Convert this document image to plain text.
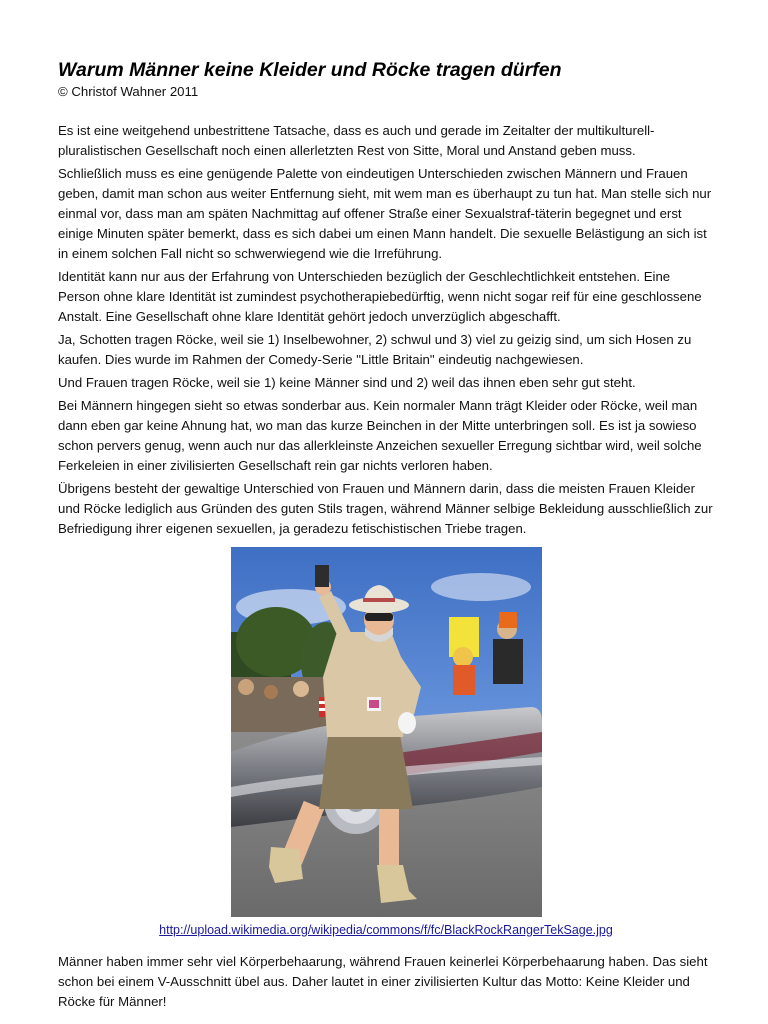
Warum Männer keine Kleider und Röcke tragen dürfen
© Christof Wahner 2011

Es ist eine weitgehend unbestrittene Tatsache, dass es auch und gerade im Zeitalter der multikulturell-pluralistischen Gesellschaft noch einen allerletzten Rest von Sitte, Moral und Anstand geben muss.

Schließlich muss es eine genügende Palette von eindeutigen Unterschieden zwischen Männern und Frauen geben, damit man schon aus weiter Entfernung sieht, mit wem man es überhaupt zu tun hat. Man stelle sich nur einmal vor, dass man am späten Nachmittag auf offener Straße einer Sexualstraf-täterin begegnet und erst einige Minuten später bemerkt, dass es sich dabei um einen Mann handelt. Die sexuelle Belästigung an sich ist in einem solchen Fall nicht so schwerwiegend wie die Irreführung.

Identität kann nur aus der Erfahrung von Unterschieden bezüglich der Geschlechtlichkeit entstehen. Eine Person ohne klare Identität ist zumindest psychotherapiebedürftig, wenn nicht sogar reif für eine geschlossene Anstalt. Eine Gesellschaft ohne klare Identität gehört jedoch unverzüglich abgeschafft.

Ja, Schotten tragen Röcke, weil sie 1) Inselbewohner, 2) schwul und 3) viel zu geizig sind, um sich Hosen zu kaufen. Dies wurde im Rahmen der Comedy-Serie "Little Britain" eindeutig nachgewiesen.

Und Frauen tragen Röcke, weil sie 1) keine Männer sind und 2) weil das ihnen eben sehr gut steht.

Bei Männern hingegen sieht so etwas sonderbar aus. Kein normaler Mann trägt Kleider oder Röcke, weil man dann eben gar keine Ahnung hat, wo man das kurze Beinchen in der Mitte unterbringen soll. Es ist ja sowieso schon pervers genug, wenn auch nur das allerkleinste Anzeichen sexueller Erregung sichtbar wird, weil solche Ferkeleien in einer zivilisierten Gesellschaft rein gar nichts verloren haben.

Übrigens besteht der gewaltige Unterschied von Frauen und Männern darin, dass die meisten Frauen Kleider und Röcke lediglich aus Gründen des guten Stils tragen, während Männer selbige Bekleidung ausschließlich zur Befriedigung ihrer eigenen sexuellen, ja geradezu fetischistischen Triebe tragen.

http://upload.wikimedia.org/wikipedia/commons/f/fc/BlackRockRangerTekSage.jpg

Männer haben immer sehr viel Körperbehaarung, während Frauen keinerlei Körperbehaarung haben. Das sieht schon bei einem V-Ausschnitt übel aus. Daher lautet in einer zivilisierten Kultur das Motto: Keine Kleider und Röcke für Männer!
